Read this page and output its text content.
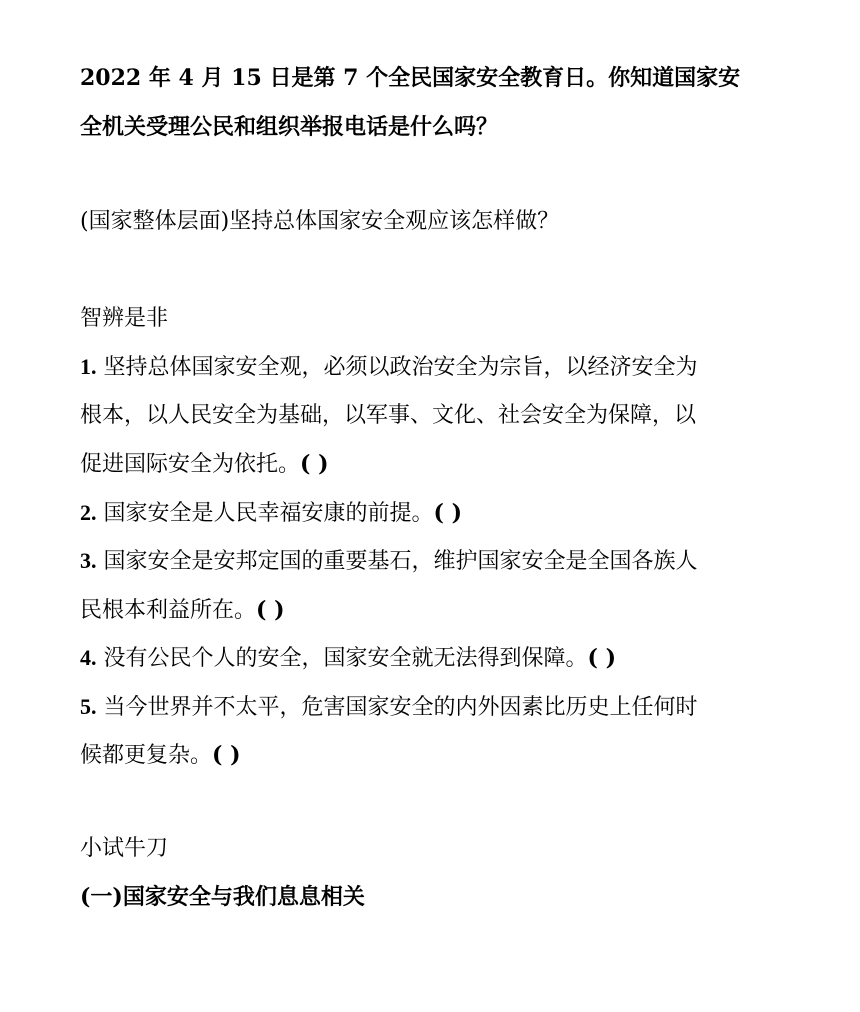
2022 年 4 月 15 日是第 7 个全民国家安全教育日。你知道国家安
全机关受理公民和组织举报电话是什么吗？
(国家整体层面)坚持总体国家安全观应该怎样做？
智辨是非
1. 坚持总体国家安全观，必须以政治安全为宗旨，以经济安全为
根本，以人民安全为基础，以军事、文化、社会安全为保障，以
促进国际安全为依托。( )
2. 国家安全是人民幸福安康的前提。( )
3. 国家安全是安邦定国的重要基石，维护国家安全是全国各族人
民根本利益所在。( )
4. 没有公民个人的安全，国家安全就无法得到保障。( )
5. 当今世界并不太平，危害国家安全的内外因素比历史上任何时
候都更复杂。( )
小试牛刀
(一)国家安全与我们息息相关
